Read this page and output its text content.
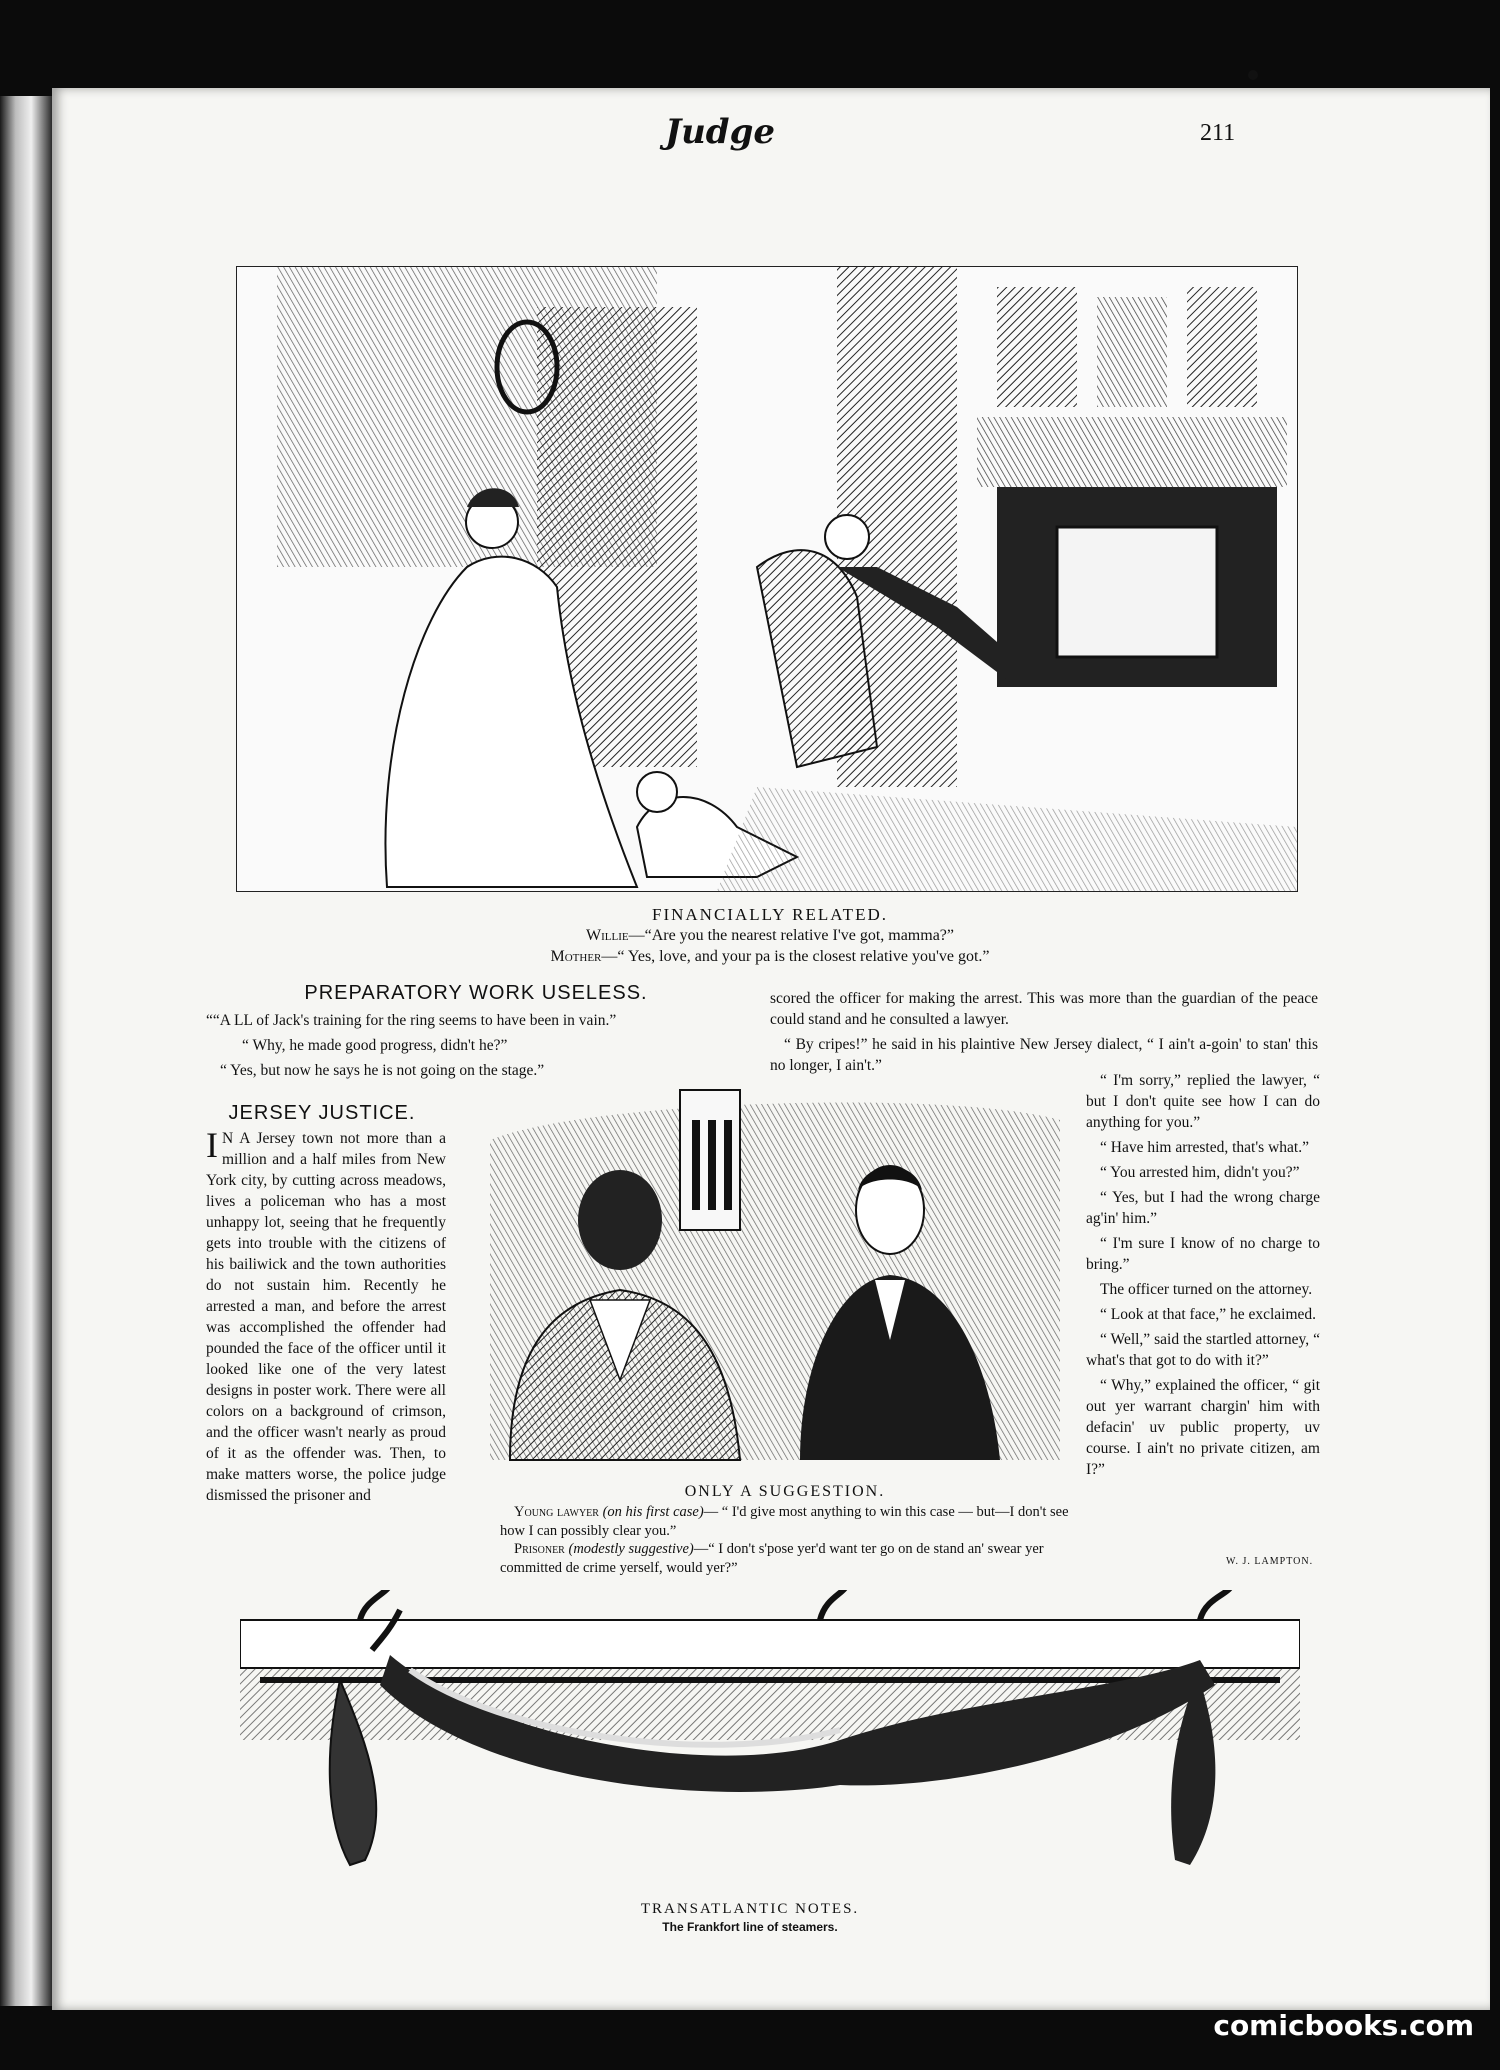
Judge	211
FINANCIALLY RELATED.
Willie—“Are you the nearest relative I've got, mamma?”
Mother—“ Yes, love, and your pa is the closest relative you've got.”
PREPARATORY WORK USELESS.

““A LL of Jack's training for the ring seems to have been in vain.”

“ Why, he made good progress, didn't he?”

“ Yes, but now he says he is not going on the stage.”

JERSEY JUSTICE.

I N A Jersey town not more than a million and a half miles from New York city, by cutting across meadows, lives a policeman who has a most unhappy lot, seeing that he frequently gets into trouble with the citizens of his bailiwick and the town authorities do not sustain him. Recently he arrested a man, and before the arrest was accomplished the offender had pounded the face of the officer until it looked like one of the very latest designs in poster work. There were all colors on a background of crimson, and the officer wasn't nearly as proud of it as the offender was. Then, to make matters worse, the police judge dismissed the prisoner and

scored the officer for making the arrest. This was more than the guardian of the peace could stand and he consulted a lawyer.

“ By cripes!” he said in his plaintive New Jersey dialect, “ I ain't a-goin' to stan' this no longer, I ain't.”

“ I'm sorry,” replied the lawyer, “ but I don't quite see how I can do anything for you.”

“ Have him arrested, that's what.”

“ You arrested him, didn't you?”

“ Yes, but I had the wrong charge ag'in' him.”

“ I'm sure I know of no charge to bring.”

The officer turned on the attorney.

“ Look at that face,” he exclaimed.

“ Well,” said the startled attorney, “ what's that got to do with it?”

“ Why,” explained the officer, “ git out yer warrant chargin' him with defacin' uv public property, uv course. I ain't no private citizen, am I?”

W. J. LAMPTON.
ONLY A SUGGESTION.
Young lawyer (on his first case)— “ I'd give most anything to win this case — but—I don't see how I can possibly clear you.”
Prisoner (modestly suggestive)—“ I don't s'pose yer'd want ter go on de stand an' swear yer committed de crime yerself, would yer?”
TRANSATLANTIC NOTES.
The Frankfort line of steamers.
comicbooks.com
